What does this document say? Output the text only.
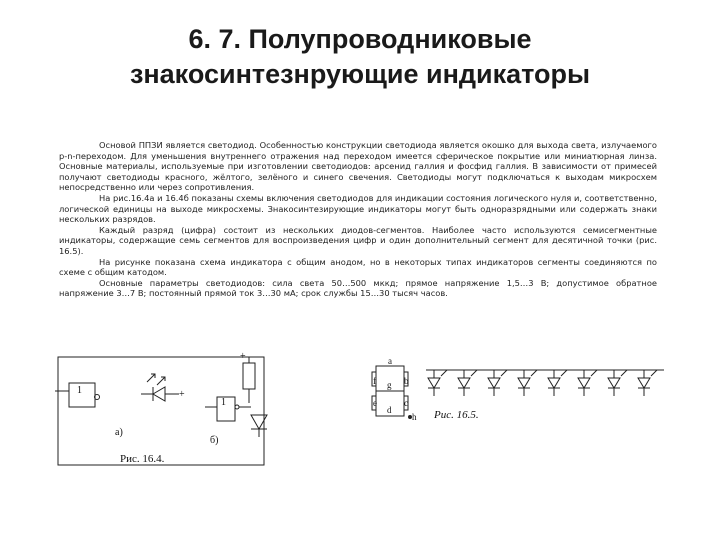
6. 7. Полупроводниковые
знакосинтезнрующие индикаторы

Основой ППЗИ является светодиод. Особенностью конструкции светодиода является окошко для выхода света, излучаемого p-n-переходом. Для уменьшения внутреннего отражения над переходом имеется сферическое покрытие или миниатюрная линза. Основные материалы, используемые при изготовлении светодиодов: арсенид галлия и фосфид галлия. В зависимости от примесей получают светодиоды красного, жёлтого, зелёного и синего свечения. Светодиоды могут подключаться к выходам микросхем непосредственно или через сопротивления.

На рис.16.4а и 16.4б показаны схемы включения светодиодов для индикации состояния логического нуля и, соответственно, логической единицы на выходе микросхемы. Знакосинтезирующие индикаторы могут быть одноразрядными или содержать знаки нескольких разрядов.

Каждый разряд (цифра) состоит из нескольких диодов-сегментов. Наиболее часто используются семисегментные индикаторы, содержащие семь сегментов для воспроизведения цифр и один дополнительный сегмент для десятичной точки (рис. 16.5).

На рисунке показана схема индикатора с общим анодом, но в некоторых типах индикаторов сегменты соединяются по схеме с общим катодом.

Основные параметры светодиодов: сила света 50…500 мккд; прямое напряжение 1,5…3 В; допустимое обратное напряжение 3…7 В; постоянный прямой ток 3…30 мА; срок службы 15…30 тысяч часов.

1	+
+
1
а)
б)
Рис. 16.4.
a
f	b
g
e	c
d
h Рис. 16.5.
